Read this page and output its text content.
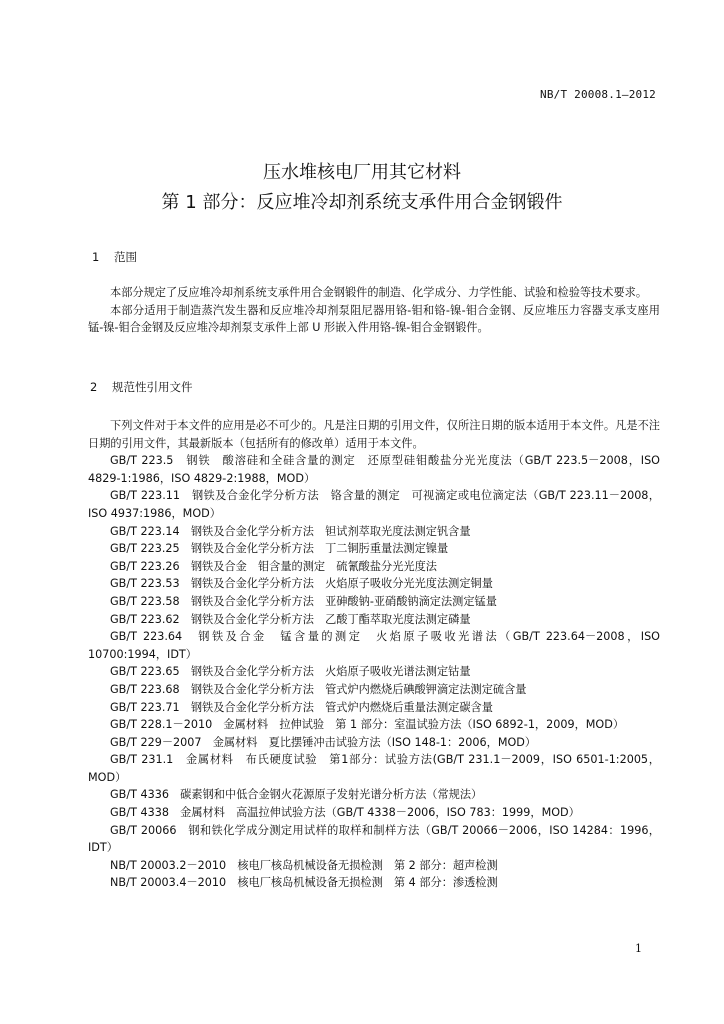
NB/T 20008.1—2012
压水堆核电厂用其它材料
第 1 部分：反应堆冷却剂系统支承件用合金钢锻件
1 范围

本部分规定了反应堆冷却剂系统支承件用合金钢锻件的制造、化学成分、力学性能、试验和检验等技术要求。

本部分适用于制造蒸汽发生器和反应堆冷却剂泵阻尼器用铬-钼和铬-镍-钼合金钢、反应堆压力容器支承支座用锰-镍-钼合金钢及反应堆冷却剂泵支承件上部 U 形嵌入件用铬-镍-钼合金钢锻件。

2 规范性引用文件

下列文件对于本文件的应用是必不可少的。凡是注日期的引用文件，仅所注日期的版本适用于本文件。凡是不注日期的引用文件，其最新版本（包括所有的修改单）适用于本文件。

GB/T 223.5　钢铁　酸溶硅和全硅含量的测定　还原型硅钼酸盐分光光度法（GB/T 223.5－2008，ISO 4829-1:1986，ISO 4829-2:1988，MOD）

GB/T 223.11　钢铁及合金化学分析方法　铬含量的测定　可视滴定或电位滴定法（GB/T 223.11－2008，ISO 4937:1986，MOD）

GB/T 223.14　钢铁及合金化学分析方法　钽试剂萃取光度法测定钒含量

GB/T 223.25　钢铁及合金化学分析方法　丁二铜肟重量法测定镍量

GB/T 223.26　钢铁及合金　钼含量的测定　硫氰酸盐分光光度法

GB/T 223.53　钢铁及合金化学分析方法　火焰原子吸收分光光度法测定铜量

GB/T 223.58　钢铁及合金化学分析方法　亚砷酸钠-亚硝酸钠滴定法测定锰量

GB/T 223.62　钢铁及合金化学分析方法　乙酸丁酯萃取光度法测定磷量

GB/T 223.64　钢铁及合金　锰含量的测定　火焰原子吸收光谱法（GB/T 223.64－2008，ISO 10700:1994，IDT）

GB/T 223.65　钢铁及合金化学分析方法　火焰原子吸收光谱法测定钴量

GB/T 223.68　钢铁及合金化学分析方法　管式炉内燃烧后碘酸钾滴定法测定硫含量

GB/T 223.71　钢铁及合金化学分析方法　管式炉内燃烧后重量法测定碳含量

GB/T 228.1－2010　金属材料　拉伸试验　第 1 部分：室温试验方法（ISO 6892-1，2009，MOD）

GB/T 229－2007　金属材料　夏比摆锤冲击试验方法（ISO 148-1：2006，MOD）

GB/T 231.1　金属材料　布氏硬度试验　第1部分：试验方法(GB/T 231.1－2009，ISO 6501-1:2005，MOD）

GB/T 4336　碳素钢和中低合金钢火花源原子发射光谱分析方法（常规法）

GB/T 4338　金属材料　高温拉伸试验方法（GB/T 4338－2006，ISO 783：1999，MOD）

GB/T 20066　钢和铁化学成分测定用试样的取样和制样方法（GB/T 20066－2006，ISO 14284：1996，IDT）

NB/T 20003.2－2010　核电厂核岛机械设备无损检测　第 2 部分：超声检测

NB/T 20003.4－2010　核电厂核岛机械设备无损检测　第 4 部分：渗透检测

1
